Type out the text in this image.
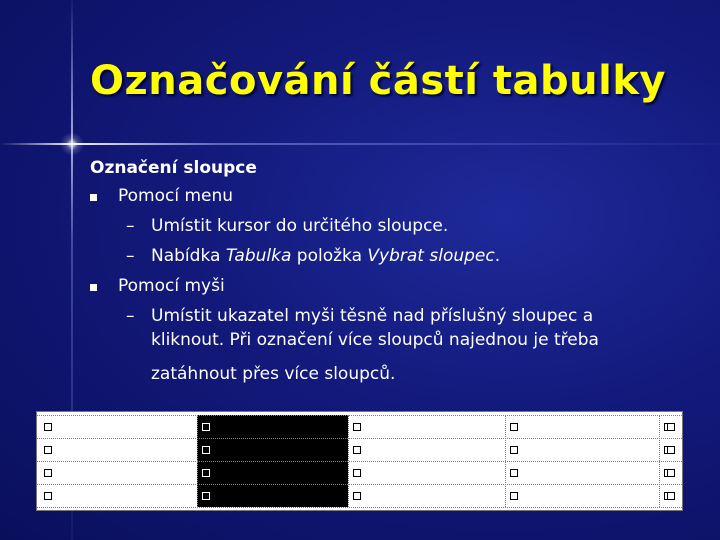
Označování částí tabulky
Označení sloupce
Pomocí menu
– Umístit kursor do určitého sloupce.
– Nabídka Tabulka položka Vybrat sloupec.
Pomocí myši
– Umístit ukazatel myši těsně nad příslušný sloupec a
kliknout. Při označení více sloupců najednou je třeba
zatáhnout přes více sloupců.
